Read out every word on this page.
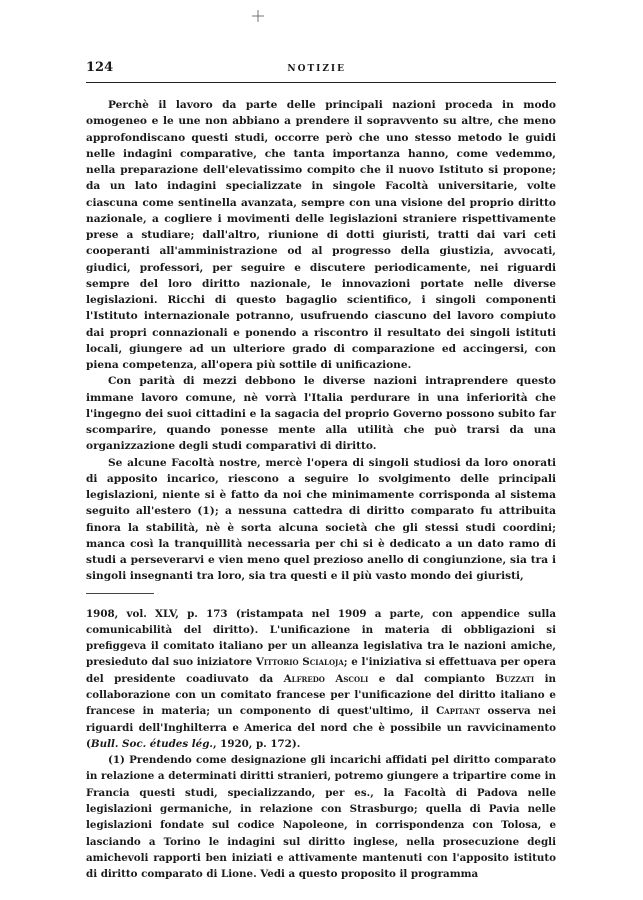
124	NOTIZIE

Perchè il lavoro da parte delle principali nazioni proceda in modo omogeneo e le une non abbiano a prendere il sopravvento su altre, che meno approfondiscano questi studi, occorre però che uno stesso metodo le guidi nelle indagini comparative, che tanta importanza hanno, come vedemmo, nella preparazione dell'elevatissimo compito che il nuovo Istituto si propone; da un lato indagini specializzate in singole Facoltà universitarie, volte ciascuna come sentinella avanzata, sempre con una visione del proprio diritto nazionale, a cogliere i movimenti delle legislazioni straniere rispettivamente prese a studiare; dall'altro, riunione di dotti giuristi, tratti dai vari ceti cooperanti all'amministrazione od al progresso della giustizia, avvocati, giudici, professori, per seguire e discutere periodicamente, nei riguardi sempre del loro diritto nazionale, le innovazioni portate nelle diverse legislazioni. Ricchi di questo bagaglio scientifico, i singoli componenti l'Istituto internazionale potranno, usufruendo ciascuno del lavoro compiuto dai propri connazionali e ponendo a riscontro il resultato dei singoli istituti locali, giungere ad un ulteriore grado di comparazione ed accingersi, con piena competenza, all'opera più sottile di unificazione.

Con parità di mezzi debbono le diverse nazioni intraprendere questo immane lavoro comune, nè vorrà l'Italia perdurare in una inferiorità che l'ingegno dei suoi cittadini e la sagacia del proprio Governo possono subito far scomparire, quando ponesse mente alla utilità che può trarsi da una organizzazione degli studi comparativi di diritto.

Se alcune Facoltà nostre, mercè l'opera di singoli studiosi da loro onorati di apposito incarico, riescono a seguire lo svolgimento delle principali legislazioni, niente si è fatto da noi che minimamente corrisponda al sistema seguito all'estero (1); a nessuna cattedra di diritto comparato fu attribuita finora la stabilità, nè è sorta alcuna società che gli stessi studi coordini; manca così la tranquillità necessaria per chi si è dedicato a un dato ramo di studi a perseverarvi e vien meno quel prezioso anello di congiunzione, sia tra i singoli insegnanti tra loro, sia tra questi e il più vasto mondo dei giuristi,

1908, vol. XLV, p. 173 (ristampata nel 1909 a parte, con appendice sulla comunicabilità del diritto). L'unificazione in materia di obbligazioni si prefiggeva il comitato italiano per un alleanza legislativa tra le nazioni amiche, presieduto dal suo iniziatore Vittorio Scialoja; e l'iniziativa si effettuava per opera del presidente coadiuvato da Alfredo Ascoli e dal compianto Buzzati in collaborazione con un comitato francese per l'unificazione del diritto italiano e francese in materia; un componento di quest'ultimo, il Capitant osserva nei riguardi dell'Inghilterra e America del nord che è possibile un ravvicinamento (Bull. Soc. études lég., 1920, p. 172).

(1) Prendendo come designazione gli incarichi affidati pel diritto comparato in relazione a determinati diritti stranieri, potremo giungere a tripartire come in Francia questi studi, specializzando, per es., la Facoltà di Padova nelle legislazioni germaniche, in relazione con Strasburgo; quella di Pavia nelle legislazioni fondate sul codice Napoleone, in corrispondenza con Tolosa, e lasciando a Torino le indagini sul diritto inglese, nella prosecuzione degli amichevoli rapporti ben iniziati e attivamente mantenuti con l'apposito istituto di diritto comparato di Lione. Vedi a questo proposito il programma
